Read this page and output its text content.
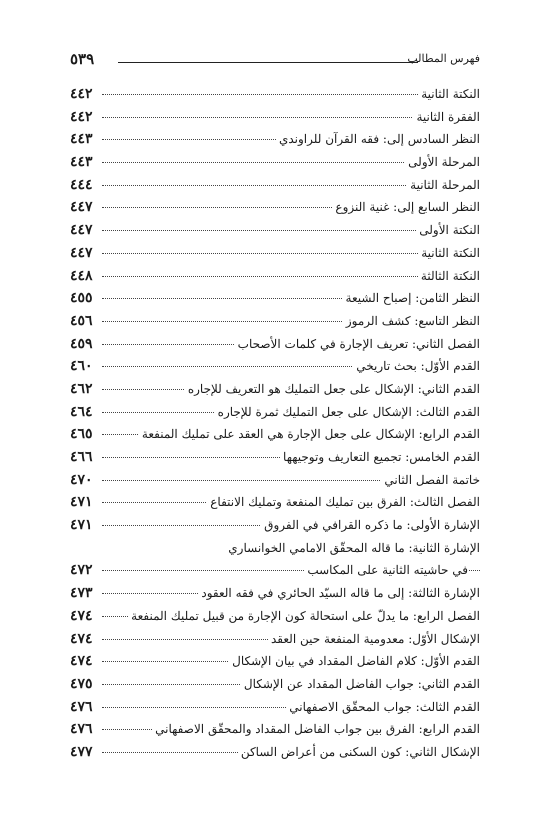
٥٣٩	فهرس المطالب
النكتة الثانية
٤٤٢
الفقرة الثانية
٤٤٢
النظر السادس إلى: فقه القرآن للراوندي
٤٤٣
المرحلة الأولى
٤٤٣
المرحلة الثانية
٤٤٤
النظر السابع إلى: غنية النزوع
٤٤٧
النكتة الأولى
٤٤٧
النكتة الثانية
٤٤٧
النكتة الثالثة
٤٤٨
النظر الثامن: إصباح الشيعة
٤٥٥
النظر التاسع: كشف الرموز
٤٥٦
الفصل الثاني: تعريف الإجارة في كلمات الأصحاب
٤٥٩
القدم الأوّل: بحث تاريخي
٤٦٠
القدم الثاني: الإشكال على جعل التمليك هو التعريف للإجاره
٤٦٢
القدم الثالث: الإشكال على جعل التمليك ثمرة للإجاره
٤٦٤
القدم الرابع: الإشكال على جعل الإجارة هي العقد على تمليك المنفعة
٤٦٥
القدم الخامس: تجميع التعاريف وتوجيهها
٤٦٦
خاتمة الفصل الثاني
٤٧٠
الفصل الثالث: الفرق بين تمليك المنفعة وتمليك الانتفاع
٤٧١
الإشارة الأولى: ما ذكره القرافي في الفروق
٤٧١
الإشارة الثانية: ما قاله المحقّق الامامي الخوانساري
في حاشيته الثانية على المكاسب
٤٧٢
الإشارة الثالثة: إلى ما قاله السيّد الحائري في فقه العقود
٤٧٣
الفصل الرابع: ما يدلّ على استحالة كون الإجارة من قبيل تمليك المنفعة
٤٧٤
الإشكال الأوّل: معدومية المنفعة حين العقد
٤٧٤
القدم الأوّل: كلام الفاضل المقداد في بيان الإشكال
٤٧٤
القدم الثاني: جواب الفاضل المقداد عن الإشكال
٤٧٥
القدم الثالث: جواب المحقّق الاصفهاني
٤٧٦
القدم الرابع: الفرق بين جواب الفاضل المقداد والمحقّق الاصفهاني
٤٧٦
الإشكال الثاني: كون السكنى من أعراض الساكن
٤٧٧
